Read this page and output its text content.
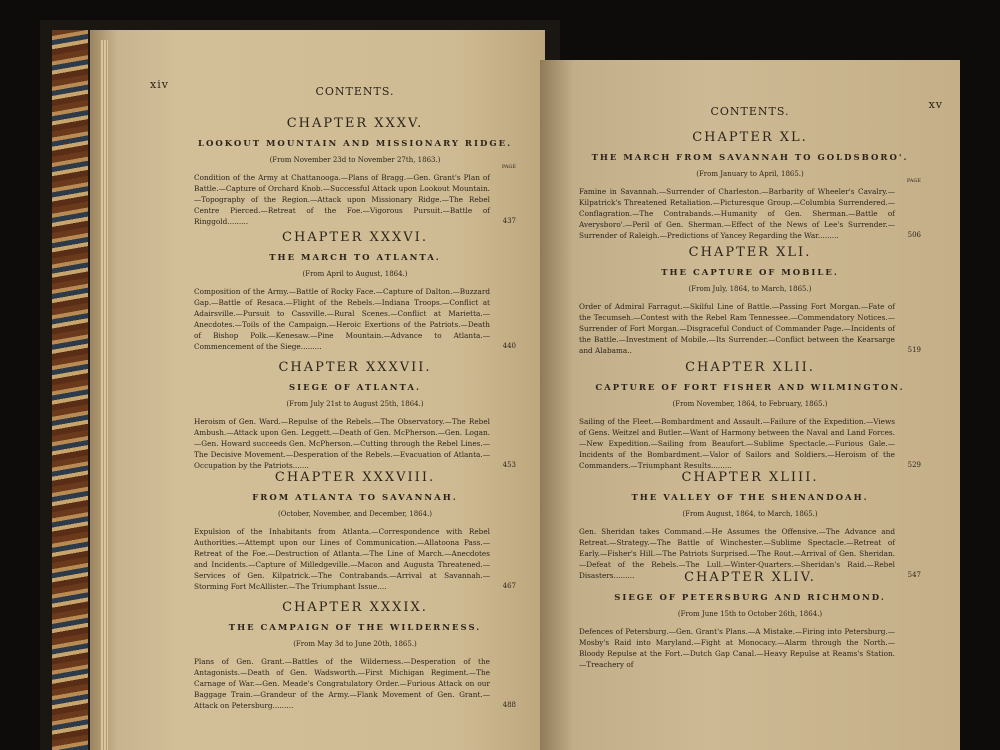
xiv
CONTENTS.
CHAPTER XXXV.
LOOKOUT MOUNTAIN AND MISSIONARY RIDGE.
(From November 23d to November 27th, 1863.)
PAGE
Condition of the Army at Chattanooga.—Plans of Bragg.—Gen. Grant's Plan of Battle.—Capture of Orchard Knob.—Successful Attack upon Lookout Mountain.—Topography of the Region.—Attack upon Missionary Ridge.—The Rebel Centre Pierced.—Retreat of the Foe.—Vigorous Pursuit.—Battle of Ringgold.........	437
CHAPTER XXXVI.
THE MARCH TO ATLANTA.
(From April to August, 1864.)
Composition of the Army.—Battle of Rocky Face.—Capture of Dalton.—Buzzard Gap.—Battle of Resaca.—Flight of the Rebels.—Indiana Troops.—Conflict at Adairsville.—Pursuit to Cassville.—Rural Scenes.—Conflict at Marietta.—Anecdotes.—Toils of the Campaign.—Heroic Exertions of the Patriots.—Death of Bishop Polk.—Kenesaw.—Pine Mountain.—Advance to Atlanta.—Commencement of the Siege.........	440
CHAPTER XXXVII.
SIEGE OF ATLANTA.
(From July 21st to August 25th, 1864.)
Heroism of Gen. Ward.—Repulse of the Rebels.—The Observatory.—The Rebel Ambush.—Attack upon Gen. Leggett.—Death of Gen. McPherson.—Gen. Logan.—Gen. Howard succeeds Gen. McPherson.—Cutting through the Rebel Lines.—The Decisive Movement.—Desperation of the Rebels.—Evacuation of Atlanta.—Occupation by the Patriots.......	453
CHAPTER XXXVIII.
FROM ATLANTA TO SAVANNAH.
(October, November, and December, 1864.)
Expulsion of the Inhabitants from Atlanta.—Correspondence with Rebel Authorities.—Attempt upon our Lines of Communication.—Allatoona Pass.—Retreat of the Foe.—Destruction of Atlanta.—The Line of March.—Anecdotes and Incidents.—Capture of Milledgeville.—Macon and Augusta Threatened.—Services of Gen. Kilpatrick.—The Contrabands.—Arrival at Savannah.—Storming Fort McAllister.—The Triumphant Issue....	467
CHAPTER XXXIX.
THE CAMPAIGN OF THE WILDERNESS.
(From May 3d to June 20th, 1865.)
Plans of Gen. Grant.—Battles of the Wilderness.—Desperation of the Antagonists.—Death of Gen. Wadsworth.—First Michigan Regiment.—The Carnage of War.—Gen. Meade's Congratulatory Order.—Furious Attack on our Baggage Train.—Grandeur of the Army.—Flank Movement of Gen. Grant.—Attack on Petersburg.........	488
CONTENTS.
xv
CHAPTER XL.
THE MARCH FROM SAVANNAH TO GOLDSBORO'.
(From January to April, 1865.)
PAGE
Famine in Savannah.—Surrender of Charleston.—Barbarity of Wheeler's Cavalry.—Kilpatrick's Threatened Retaliation.—Picturesque Group.—Columbia Surrendered.—Conflagration.—The Contrabands.—Humanity of Gen. Sherman.—Battle of Averysboro'.—Peril of Gen. Sherman.—Effect of the News of Lee's Surrender.—Surrender of Raleigh.—Predictions of Yancey Regarding the War.........	506
CHAPTER XLI.
THE CAPTURE OF MOBILE.
(From July, 1864, to March, 1865.)
Order of Admiral Farragut.—Skilful Line of Battle.—Passing Fort Morgan.—Fate of the Tecumseh.—Contest with the Rebel Ram Tennessee.—Commendatory Notices.—Surrender of Fort Morgan.—Disgraceful Conduct of Commander Page.—Incidents of the Battle.—Investment of Mobile.—Its Surrender.—Conflict between the Kearsarge and Alabama..	519
CHAPTER XLII.
CAPTURE OF FORT FISHER AND WILMINGTON.
(From November, 1864, to February, 1865.)
Sailing of the Fleet.—Bombardment and Assault.—Failure of the Expedition.—Views of Gens. Weitzel and Butler.—Want of Harmony between the Naval and Land Forces.—New Expedition.—Sailing from Beaufort.—Sublime Spectacle.—Furious Gale.—Incidents of the Bombardment.—Valor of Sailors and Soldiers.—Heroism of the Commanders.—Triumphant Results.........	529
CHAPTER XLIII.
THE VALLEY OF THE SHENANDOAH.
(From August, 1864, to March, 1865.)
Gen. Sheridan takes Command.—He Assumes the Offensive.—The Advance and Retreat.—Strategy.—The Battle of Winchester.—Sublime Spectacle.—Retreat of Early.—Fisher's Hill.—The Patriots Surprised.—The Rout.—Arrival of Gen. Sheridan.—Defeat of the Rebels.—The Lull.—Winter-Quarters.—Sheridan's Raid.—Rebel Disasters.........	547
CHAPTER XLIV.
SIEGE OF PETERSBURG AND RICHMOND.
(From June 15th to October 26th, 1864.)
Defences of Petersburg.—Gen. Grant's Plans.—A Mistake.—Firing into Petersburg.—Mosby's Raid into Maryland.—Fight at Monocacy.—Alarm through the North.—Bloody Repulse at the Fort.—Dutch Gap Canal.—Heavy Repulse at Reams's Station.—Treachery of
